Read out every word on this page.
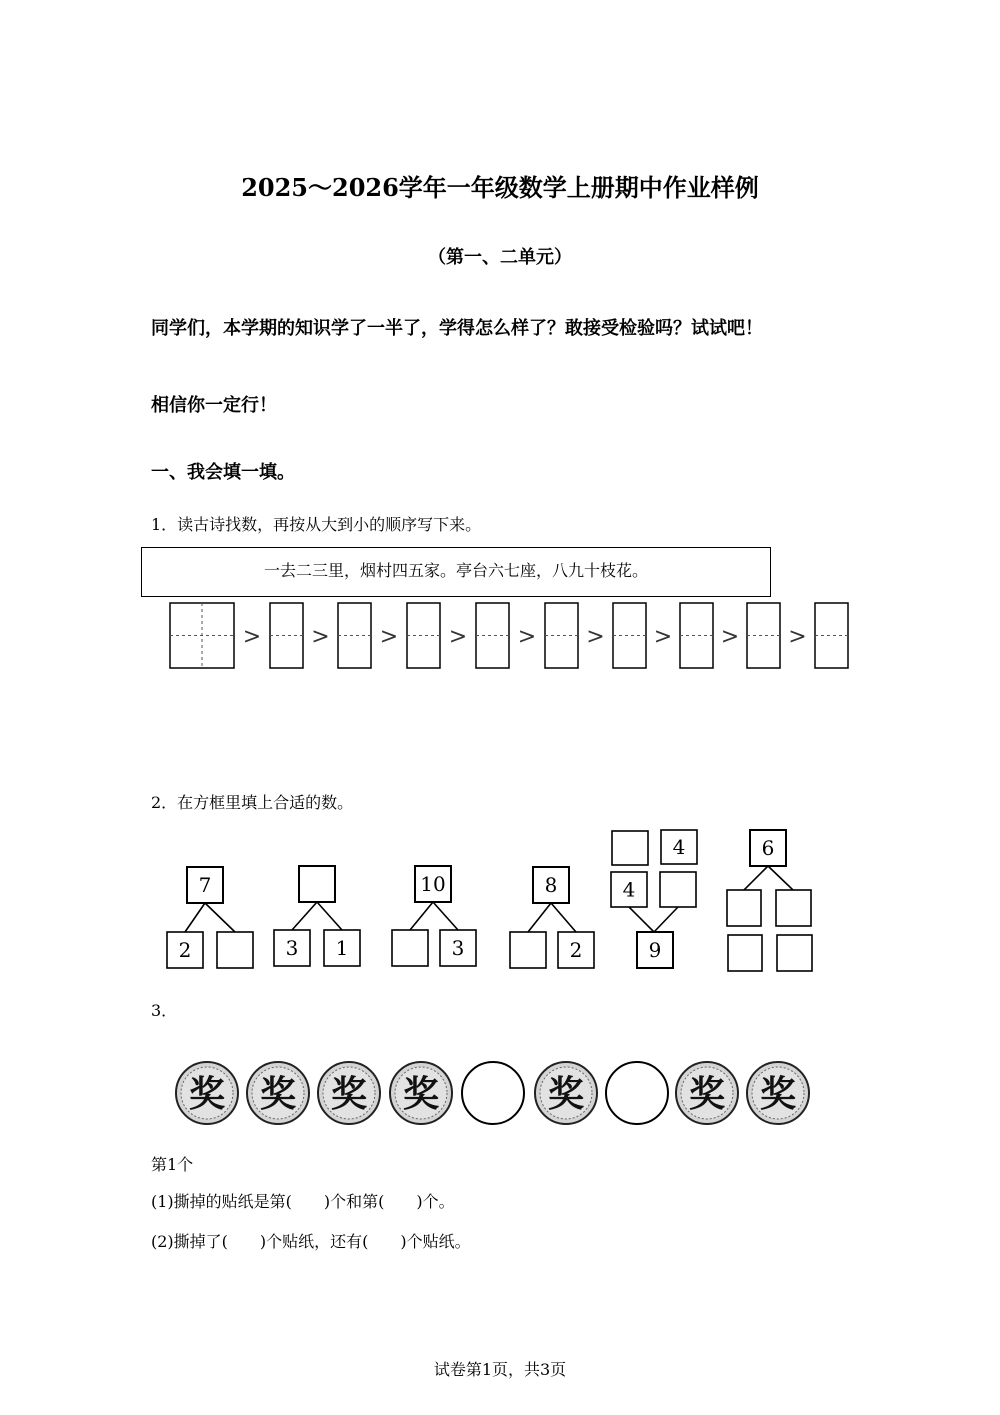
2025～2026学年一年级数学上册期中作业样例
（第一、二单元）
同学们，本学期的知识学了一半了，学得怎么样了？敢接受检验吗？试试吧！
相信你一定行！
一、我会填一填。
1．读古诗找数，再按从大到小的顺序写下来。
一去二三里，烟村四五家。亭台六七座，八九十枝花。
> > > > > > > > >
7
2	3 1
10
3
8
2
4
4
9
6
奖 奖 奖 奖	奖	奖 奖
2．在方框里填上合适的数。
3．
第1个
(1)撕掉的贴纸是第(　　)个和第(　　)个。
(2)撕掉了(　　)个贴纸，还有(　　)个贴纸。
试卷第1页，共3页
